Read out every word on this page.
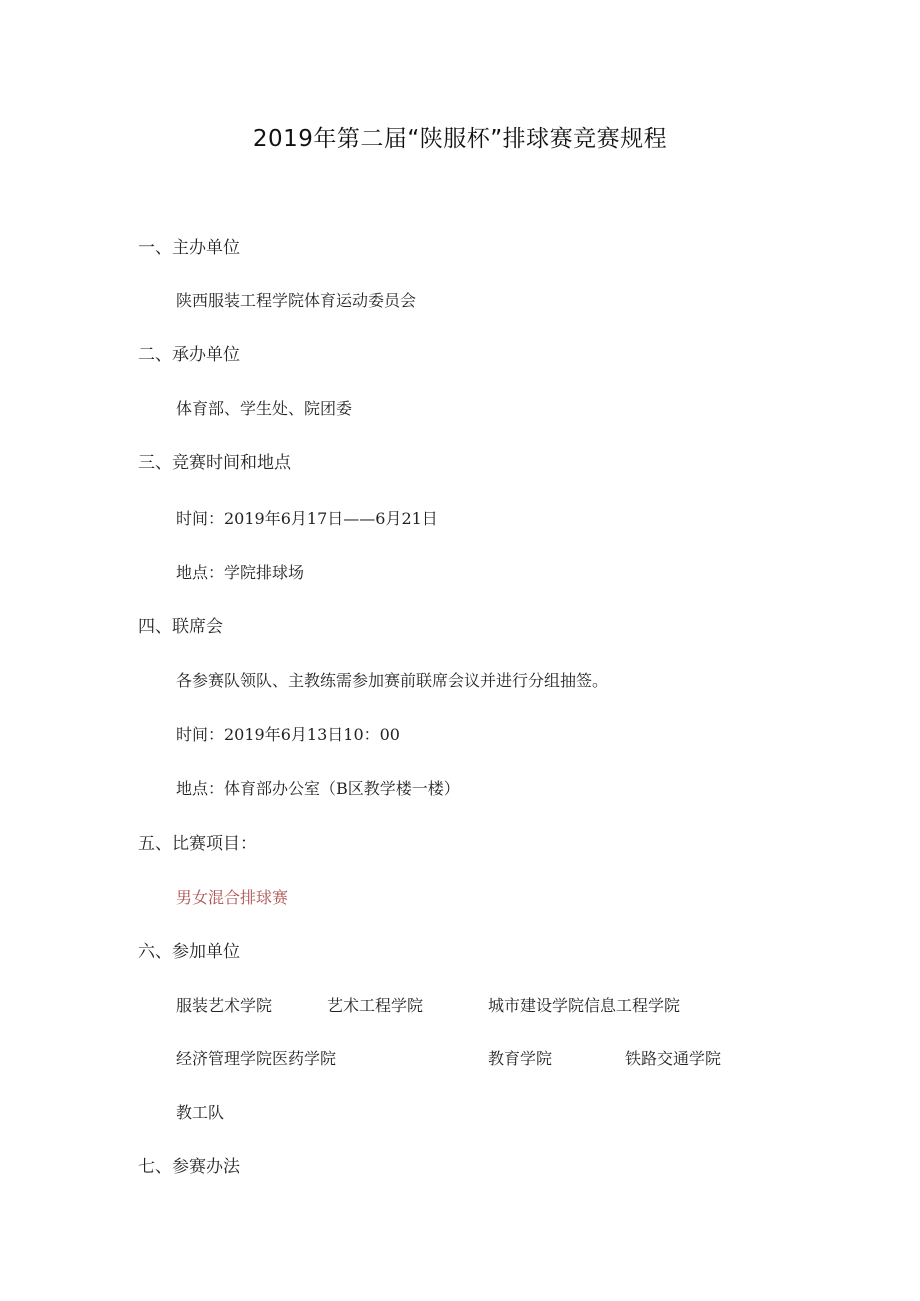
2019年第二届“陕服杯”排球赛竞赛规程
一、主办单位
陕西服装工程学院体育运动委员会
二、承办单位
体育部、学生处、院团委
三、竞赛时间和地点
时间：2019年6月17日——6月21日
地点：学院排球场
四、联席会
各参赛队领队、主教练需参加赛前联席会议并进行分组抽签。
时间：2019年6月13日10：00
地点：体育部办公室（B区教学楼一楼）
五、比赛项目：
男女混合排球赛
六、参加单位
服装艺术学院	艺术工程学院	城市建设学院信息工程学院
经济管理学院医药学院	教育学院	铁路交通学院
教工队
七、参赛办法
